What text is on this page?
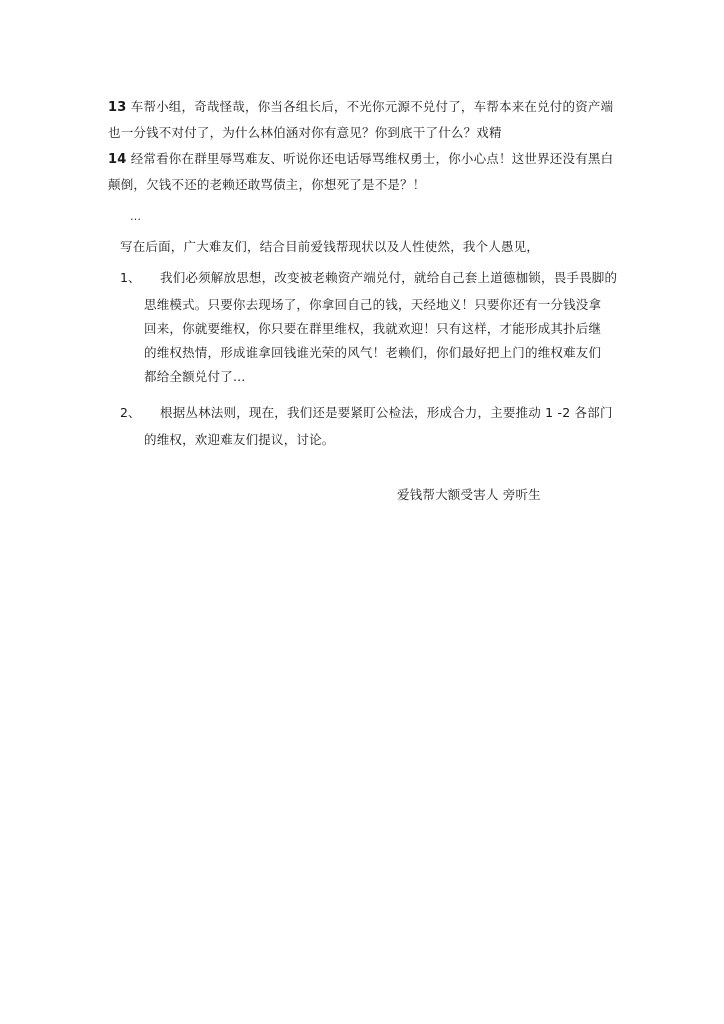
13 车帮小组，奇哉怪哉，你当各组长后，不光你元源不兑付了，车帮本来在兑付的资产端
也一分钱不对付了，为什么林伯涵对你有意见？你到底干了什么？戏精
14 经常看你在群里辱骂难友、听说你还电话辱骂维权勇士，你小心点！这世界还没有黑白
颠倒，欠钱不还的老赖还敢骂债主，你想死了是不是？！
…
写在后面，广大难友们，结合目前爱钱帮现状以及人性使然，我个人愚见，
1、 我们必须解放思想，改变被老赖资产端兑付，就给自己套上道德枷锁，畏手畏脚的
思维模式。只要你去现场了，你拿回自己的钱，天经地义！只要你还有一分钱没拿
回来，你就要维权，你只要在群里维权，我就欢迎！只有这样，才能形成其扑后继
的维权热情，形成谁拿回钱谁光荣的风气！老赖们，你们最好把上门的维权难友们
都给全额兑付了…
2、 根据丛林法则，现在，我们还是要紧盯公检法，形成合力，主要推动 1 -2 各部门
的维权，欢迎难友们提议，讨论。
爱钱帮大额受害人 旁听生
